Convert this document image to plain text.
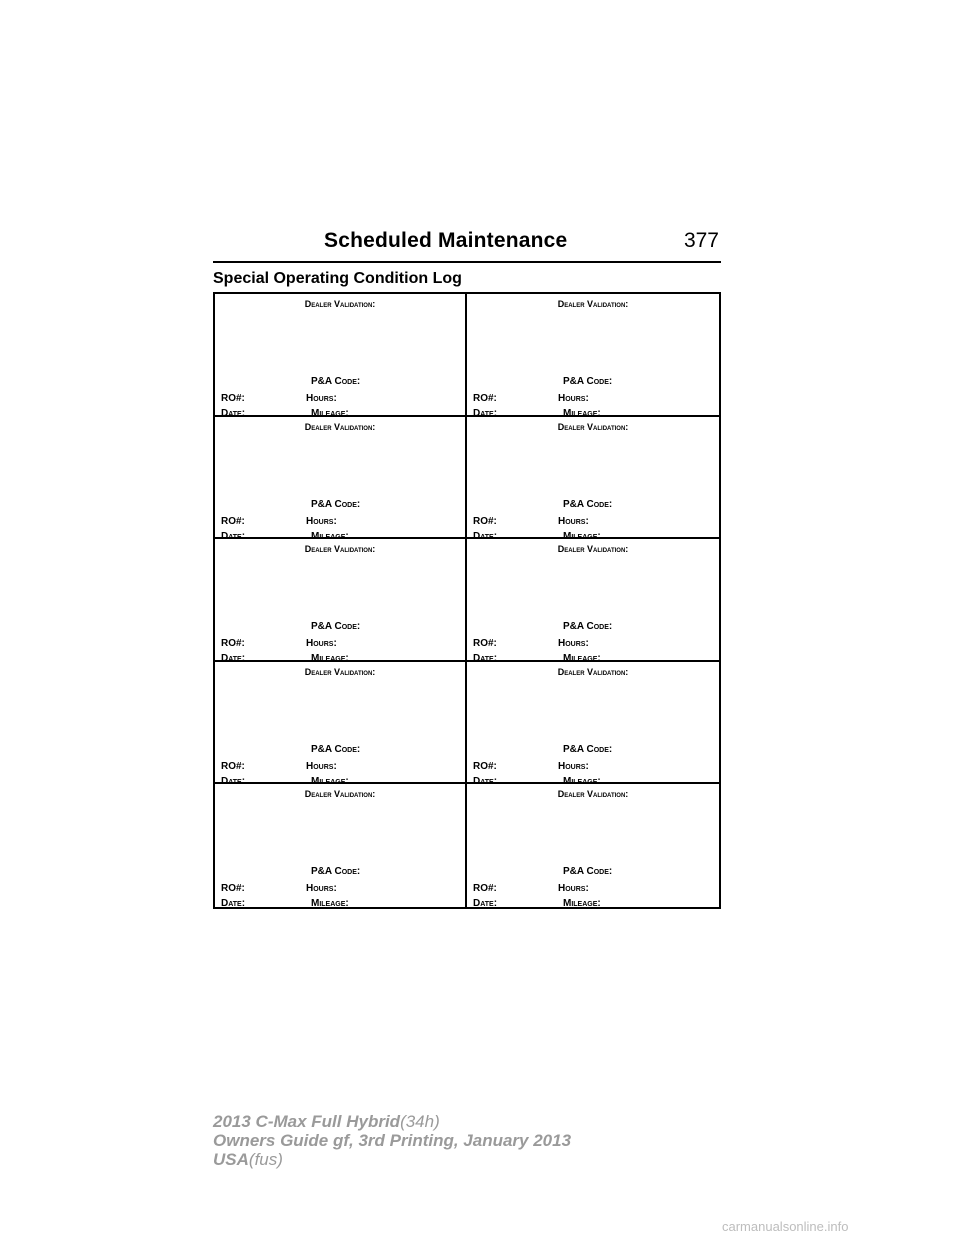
Scheduled Maintenance	377
Special Operating Condition Log
Dealer Validation:
P&A Code:
RO#:	Hours:
Date:	Mileage:
Dealer Validation:
P&A Code:
RO#:	Hours:
Date:	Mileage:
Dealer Validation:
P&A Code:
RO#:	Hours:
Date:	Mileage:
Dealer Validation:
P&A Code:
RO#:	Hours:
Date:	Mileage:
Dealer Validation:
P&A Code:
RO#:	Hours:
Date:	Mileage:
Dealer Validation:
P&A Code:
RO#:	Hours:
Date:	Mileage:
Dealer Validation:
P&A Code:
RO#:	Hours:
Date:	Mileage:
Dealer Validation:
P&A Code:
RO#:	Hours:
Date:	Mileage:
Dealer Validation:
P&A Code:
RO#:	Hours:
Date:	Mileage:
Dealer Validation:
P&A Code:
RO#:	Hours:
Date:	Mileage:
2013 C-Max Full Hybrid(34h)
Owners Guide gf, 3rd Printing, January 2013
USA(fus)
carmanualsonline.info
